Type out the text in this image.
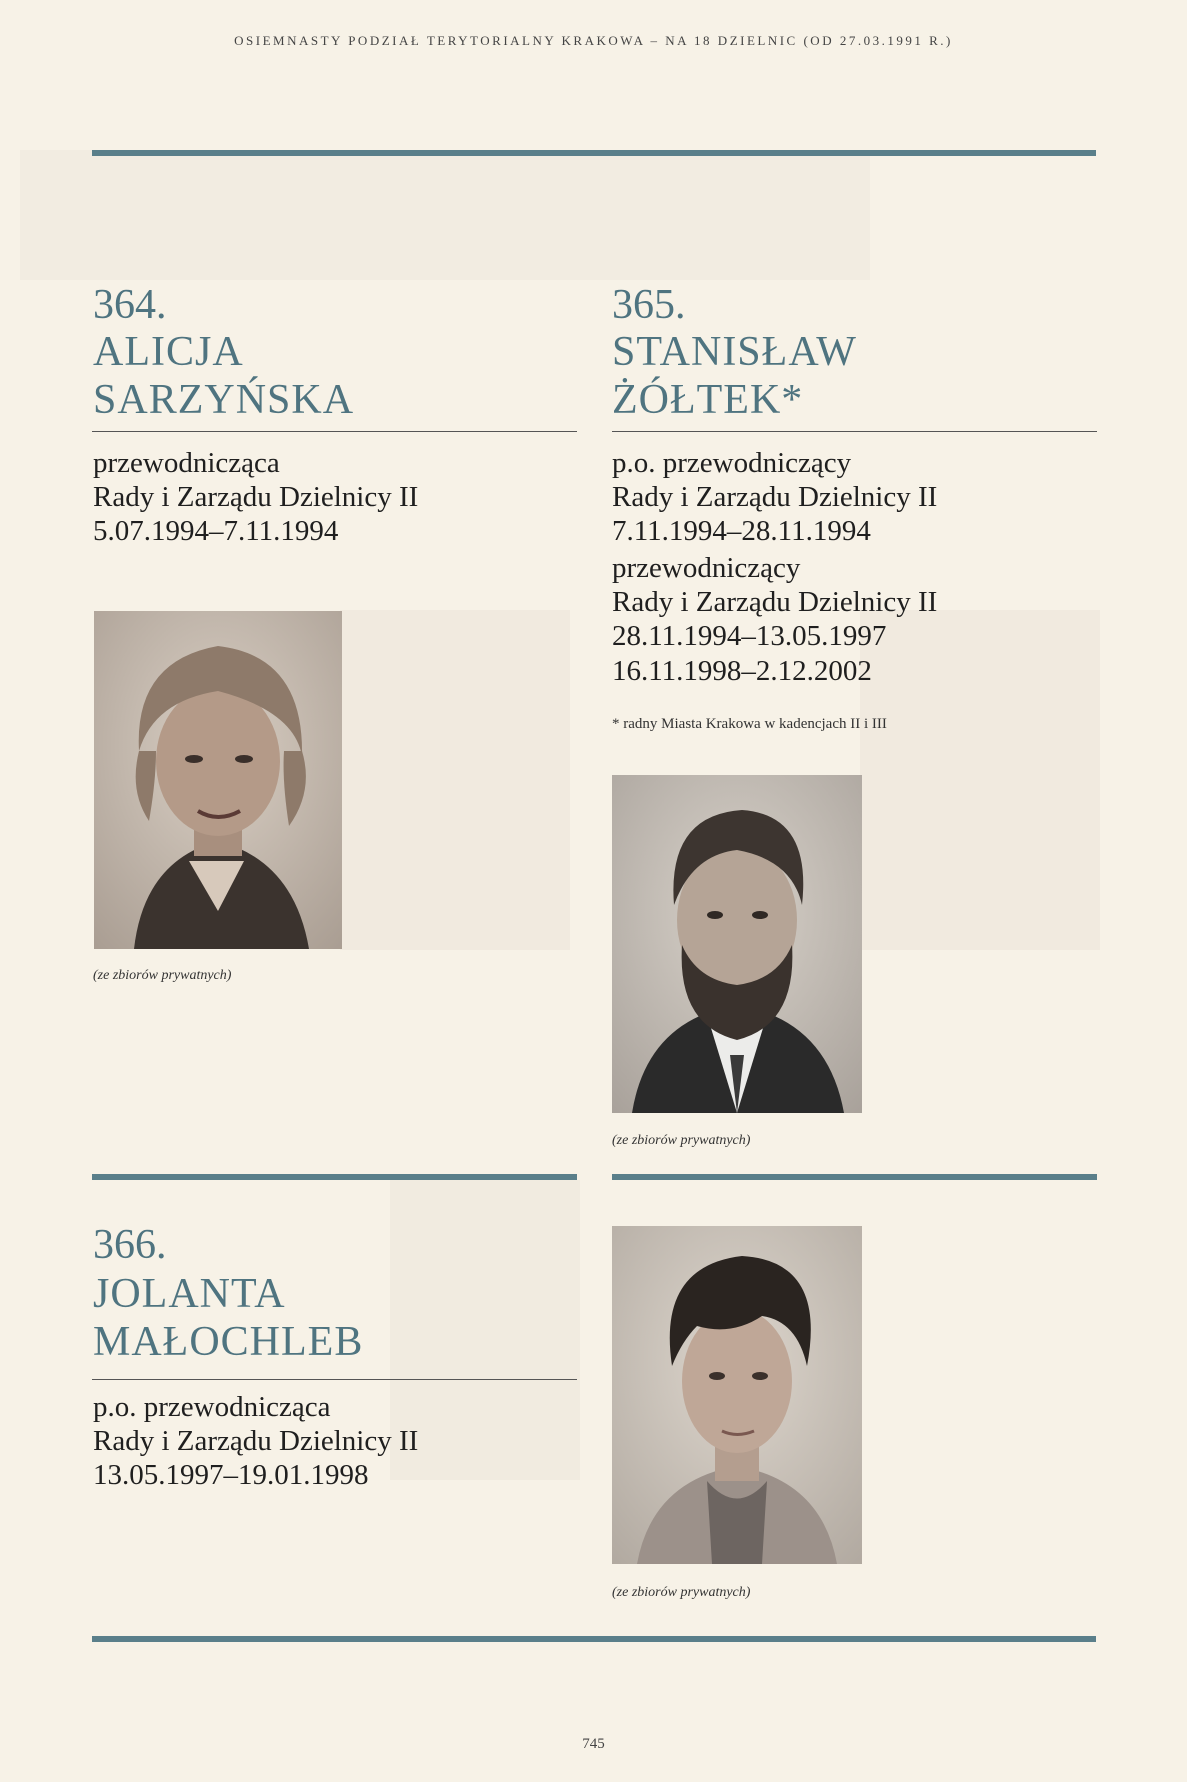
OSIEMNASTY PODZIAŁ TERYTORIALNY KRAKOWA – NA 18 DZIELNIC (OD 27.03.1991 R.)
364.
ALICJA
SARZYŃSKA
przewodnicząca
Rady i Zarządu Dzielnicy II
5.07.1994–7.11.1994
(ze zbiorów prywatnych)
365.
STANISŁAW
ŻÓŁTEK*
p.o. przewodniczący
Rady i Zarządu Dzielnicy II
7.11.1994–28.11.1994
przewodniczący
Rady i Zarządu Dzielnicy II
28.11.1994–13.05.1997
16.11.1998–2.12.2002
* radny Miasta Krakowa w kadencjach II i III
(ze zbiorów prywatnych)
366.
JOLANTA
MAŁOCHLEB
p.o. przewodnicząca
Rady i Zarządu Dzielnicy II
13.05.1997–19.01.1998
(ze zbiorów prywatnych)
745
